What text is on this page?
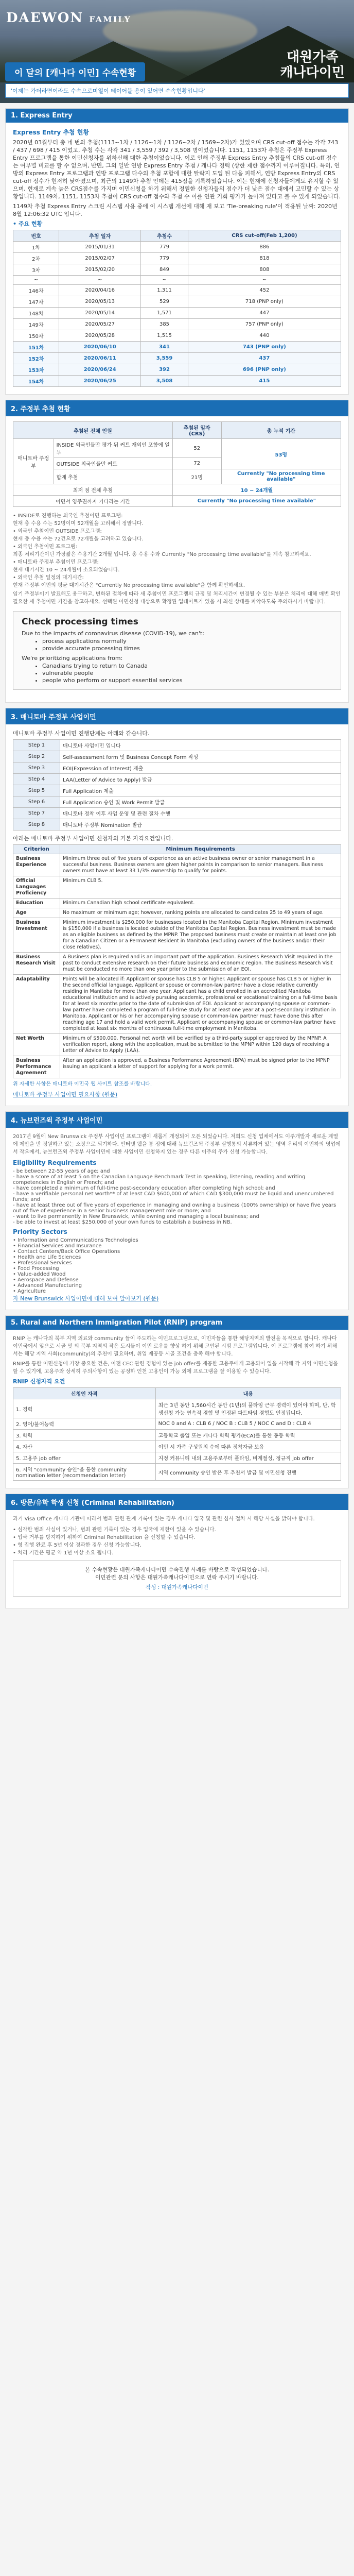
DAEWON FAMILY
대원가족
캐나다이민
이 달의 [캐나다 이민] 수속현황
'이제는 가더라면이라도 수속으로미열이 테이어블 용이 있어면 수속현황입니다'
1. Express Entry
Express Entry 추첨 현황

2020년 03월부터 총 네 번의 추첨(1113~1차 / 1126~1차 / 1126~2차 / 1569~2차)가 있었으며 CRS cut-off 점수는 각각 743 / 437 / 698 / 415 이었고, 추첨 수는 각각 341 / 3,559 / 392 / 3,508 명이었습니다. 1151, 1153차 추첨은 주정부 Express Entry 프로그램을 통한 이민신청자를 위하신해 대한 추첨이었습니다. 이로 인해 주정부 Express Entry 추첨들의 CRS cut-off 점수는 여부별 비교를 할 수 없으며, 반면, 그외 일반 연방 Express Entry 추첨 / 캐나다 경력 (상한 제한 점수까지 이루어집니다. 특히, 연방의 Express Entry 프로그램과 연방 프로그램 다수의 추첨 포함에 대한 탈락지 도입 된 다음 피해서, 연방 Express Entry의 CRS cut-off 점수가 현저히 낮아졌으며, 최근의 1149차 추첨 인데는 415점을 기록하였습니다. 이는 현재에 신청자들에게도 유지할 수 있으며, 현재로 계속 높은 CRS점수를 가지며 이민신청을 하기 위해서 정원한 신청자들의 점수가 더 낮은 점수 대에서 고민할 수 있는 상황입니다. 1149차, 1151, 1153차 추첨이 CRS cut-off 점수와 추첨 수 이를 연관 기회 평가가 높아져 있다고 볼 수 있게 되었습니다.

1149차 추첨 Express Entry 스크린 시스템 사용 중에 이 시스템 개선에 대해 재 보고 'Tie-breaking rule'이 적용된 날짜: 2020년 8월 12:06:32 UTC 입니다.

• 주요 현황

번호	추첨 일자	추첨수	CRS cut-off(Feb 1,200)
1차	2015/01/31	779	886
2차	2015/02/07	779	818
3차	2015/02/20	849	808
~	~	~	~
146차	2020/04/16	1,311	452
147차	2020/05/13	529	718 (PNP only)
148차	2020/05/14	1,571	447
149차	2020/05/27	385	757 (PNP only)
150차	2020/05/28	1,515	440
151차	2020/06/10	341	743 (PNP only)
152차	2020/06/11	3,559	437
153차	2020/06/24	392	696 (PNP only)
154차	2020/06/25	3,508	415
2. 주정부 추첨 현황
추첨된 전체 인원		추첨된 일자 (CRS)	총 누적 기간
매니토바 주정부	INSIDE 외국인들만 평가 뒤 커트 재외인 포함에 일부	52	53명
	OUTSIDE 외국인들만 커트	72	
	합계 추첨	21명	Currently "No processing time available"
최저 점 전체 추첨		10 ~ 24개월	
이민서 영주권까지 기다리는 기간		Currently "No processing time available"	
• INSIDE로 진행하는 외국인 추첨이민 프로그램:
현재 총 수용 수는 52명이며 52개월을 고려해서 정말니다.
• 외국인 추첨이민 OUTSIDE 프로그램:
현재 총 수용 수는 72건으로 72개월을 고려하고 있습니다.
• 외국인 추첨이민 프로그램:
최종 처리기간이던 가장짧은 수용기간 2개월 입니다. 총 수용 수와 Currently "No processing time available"를 계속 참고하세요.
• 매니토바 주정부 추첨이민 프로그램:
현재 대기시간 10 ~ 24개월이 소요되었습니다.
• 외국인 추첨 일정의 대기시간:
현재 주정부 이민의 평균 대기시간은 "Currently No processing time available"을 함께 확인하세요.

임기 주정부이기 발표해도 용구하고, 변화된 절차에 따라 새 추첨이민 프로그램의 규정 및 처리시간이 변경될 수 있는 부분은 처리에 대해 매번 확인 필요한 새 추첨이민 기간을 참고하세요. 선택된 이민신청 대상으로 확정된 업데이트가 있을 시 최신 상태를 파악하도록 주의하시기 바랍니다.

Check processing times
Due to the impacts of coronavirus disease (COVID-19), we can't:
• process applications normally
• provide accurate processing times
We're prioritizing applications from:
• Canadians trying to return to Canada
• vulnerable people
• people who perform or support essential services
3. 매니토바 주정부 사업이민

매니토바 주정부 사업이민 진행단계는 아래와 같습니다.

Step 1	매니토바 사업이민 입니다
Step 2	Self-assessment form 및 Business Concept Form 작성
Step 3	EOI(Expression of Interest) 제출
Step 4	LAA(Letter of Advice to Apply) 발급
Step 5	Full Application 제출
Step 6	Full Application 승인 및 Work Permit 발급
Step 7	매니토바 정착 이후 사업 운영 및 관련 절차 수행
Step 8	매니토바 주정부 Nomination 발급

아래는 매니토바 주정부 사업이민 신청자의 기본 자격요건입니다.

Criterion	Minimum Requirements
Business Experience	Minimum three out of five years of experience as an active business owner or senior management in a successful business. Business owners are given higher points in comparison to senior managers. Business owners must have at least 33 1/3% ownership to qualify for points.
Official Languages Proficiency	Minimum CLB 5.
Education	Minimum Canadian high school certificate equivalent.
Age	No maximum or minimum age; however, ranking points are allocated to candidates 25 to 49 years of age.
Business Investment	Minimum investment is $250,000 for businesses located in the Manitoba Capital Region. Minimum investment is $150,000 if a business is located outside of the Manitoba Capital Region. Business investment must be made as an eligible business as defined by the MPNP. The proposed business must create or maintain at least one job for a Canadian Citizen or a Permanent Resident in Manitoba (excluding owners of the business and/or their close relatives).
Business Research Visit	A Business plan is required and is an important part of the application. Business Research Visit required in the past to conduct extensive research on their future business and economic region. The Business Research Visit must be conducted no more than one year prior to the submission of an EOI.
Adaptability	Points will be allocated if: Applicant or spouse has CLB 5 or higher. Applicant or spouse has CLB 5 or higher in the second official language. Applicant or spouse or common-law partner have a close relative currently residing in Manitoba for more than one year. Applicant has a child enrolled in an accredited Manitoba educational institution and is actively pursuing academic, professional or vocational training on a full-time basis for at least six months prior to the date of submission of EOI. Applicant or accompanying spouse or common-law partner have completed a program of full-time study for at least one year at a post-secondary institution in Manitoba. Applicant or his or her accompanying spouse or common-law partner must have done this after reaching age 17 and hold a valid work permit. Applicant or accompanying spouse or common-law partner have completed at least six months of continuous full-time employment in Manitoba.
Net Worth	Minimum of $500,000. Personal net worth will be verified by a third-party supplier approved by the MPNP. A verification report, along with the application, must be submitted to the MPNP within 120 days of receiving a Letter of Advice to Apply (LAA).
Business Performance Agreement	After an application is approved, a Business Performance Agreement (BPA) must be signed prior to the MPNP issuing an applicant a letter of support for applying for a work permit.

위 자세한 사항은 매니토바 이민국 웹 사이트 참조를 바랍니다.

매니토바 주정부 사업이민 필요사항 (원문)
4. 뉴브런즈윅 주정부 사업이민

2017년 9월에 New Brunswick 주정부 사업이민 프로그램이 새롭게 개정되어 오픈 되었습니다. 저희도 신청 업체에서도 이주개발자 새로운 계열에 제안을 받 정원하고 있는 소장으로 되기하다. 인터넷 웹을 통 정에 대해 뉴브런즈윅 주정부 실행통의 서류하거 있는 영역 우리의 이민하의 영업에서 작으에서, 뉴브런즈윅 주정부 사업이민에 대한 사업이민 신청하지 있는 경우 다른 이주의 주가 신청 가능합니다.

Eligibility Requirements
- be between 22-55 years of age; and
- have a score of at least 5 on the Canadian Language Benchmark Test in speaking, listening, reading and writing competencies in English or French; and
- have completed a minimum of full-time post-secondary education after completing high school; and
- have a verifiable personal net worth** of at least CAD $600,000 of which CAD $300,000 must be liquid and unencumbered funds; and
- have at least three out of five years of experience in managing and owning a business (100% ownership) or have five years out of five of experience in a senior business management role or more; and
- want to live permanently in New Brunswick, while owning and managing a local business; and
- be able to invest at least $250,000 of your own funds to establish a business in NB.
Priority Sectors
• Information and Communications Technologies
• Financial Services and Insurance
• Contact Centers/Back Office Operations
• Health and Life Sciences
• Professional Services
• Food Processing
• Value-added Wood
• Aerospace and Defense
• Advanced Manufacturing
• Agriculture
자 New Brunswick 사업이민에 대해 보여 알아보기 (원문)
5. Rural and Northern Immigration Pilot (RNIP) program

RNIP 는 캐나다의 북부 지역 의료와 community 들이 주도하는 이민프로그램으로, 이민자들을 통한 해당지역의 발전을 목적으로 합니다. 캐나다 이민국에서 앞으로 시골 및 외 북부 지역의 작은 도시들이 이민 로우를 향상 하기 위해 고안된 시범 프로그램입니다. 이 프로그램에 참여 하기 위해서는 해당 지역 사회(community)의 추천이 필요하며, 취업 제공등 시골 조건을 충족 해야 합니다.

RNIP를 통한 이민신청에 가장 중요한 건은, 이전 CEC 관련 경험이 있는 job offer를 제공한 고용주에게 고용되어 일을 시작해 각 지역 이민신청을 할 수 있기에, 고용주와 상세히 주의사항이 있는 공정하 인천 고용인이 가능 외에 프로그램을 잘 이용할 수 있습니다.

RNIP 신청자격 요건

신청인 자격	내용
1. 경력	최근 3년 동안 1,560시간 동안 (1년)의 풀타임 근무 경력이 있어야 하며, 단, 학생신청 가능 연속적 경험 및 인정된 파트타임 경험도 인정됩니다.
2. 영어/불어능력	NOC 0 and A : CLB 6 / NOC B : CLB 5 / NOC C and D : CLB 4
3. 학력	고등학교 졸업 또는 캐나다 학력 평가(ECA)를 통한 동등 학력
4. 자산	이민 시 가족 구성원의 수에 따른 정착자금 보유
5. 고용주 job offer	지정 커뮤니티 내의 고용주로부터 풀타임, 비계절성, 정규직 job offer
6. 지역 "community 승인"을 통한 community nomination letter (recommendation letter)	지역 community 승인 받은 후 추천서 발급 및 이민신청 진행
6. 방문/유학 학생 신청 (Criminal Rehabilitation)

과거 Visa Office 캐나다 기관에 따라서 범죄 관련 관계 기록이 있는 경우 캐나다 입국 및 관련 심사 절차 시 해당 사실을 밝혀야 합니다.

• 심각한 범죄 사실이 있거나, 범죄 관련 기록이 있는 경우 입국에 제한이 있을 수 있습니다.
• 입국 거부를 방지하기 위하여 Criminal Rehabilitation 을 신청할 수 있습니다.
• 형 집행 완료 후 5년 이상 경과한 경우 신청 가능합니다.
• 처리 기간은 평균 약 1년 이상 소요 됩니다.
본 수속현황은 대원가족캐나다이민 수속진행 사례를 바탕으로 작성되었습니다.
이민관련 문의 사항은 대원가족캐나다이민으로 연락 주시기 바랍니다.
작성 : 대원가족캐나다이민
